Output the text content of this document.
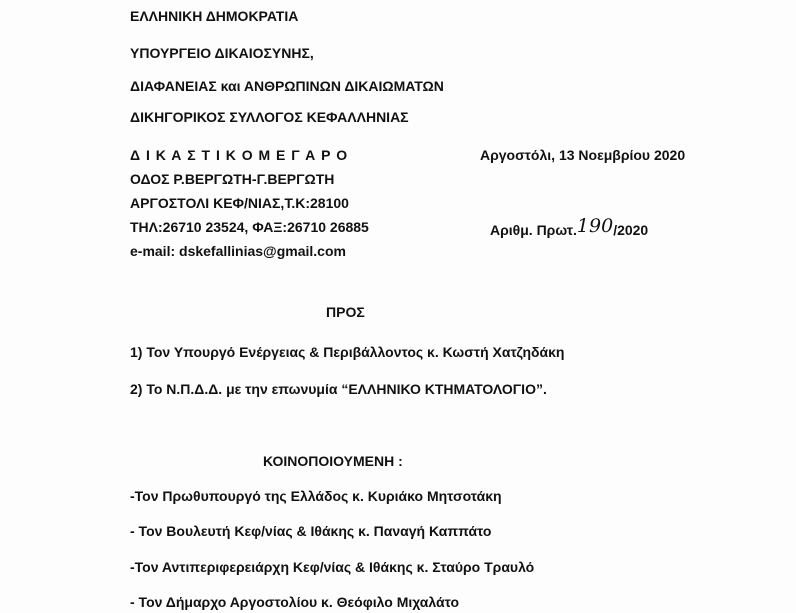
ΕΛΛΗΝΙΚΗ ΔΗΜΟΚΡΑΤΙΑ
ΥΠΟΥΡΓΕΙΟ ΔΙΚΑΙΟΣΥΝΗΣ,
ΔΙΑΦΑΝΕΙΑΣ και ΑΝΘΡΩΠΙΝΩΝ ΔΙΚΑΙΩΜΑΤΩΝ
ΔΙΚΗΓΟΡΙΚΟΣ ΣΥΛΛΟΓΟΣ ΚΕΦΑΛΛΗΝΙΑΣ
Δ Ι Κ Α Σ Τ Ι Κ Ο Μ Ε Γ Α Ρ Ο
ΟΔΟΣ Ρ.ΒΕΡΓΩΤΗ-Γ.ΒΕΡΓΩΤΗ
ΑΡΓΟΣΤΟΛΙ ΚΕΦ/ΝΙΑΣ,Τ.Κ:28100
ΤΗΛ:26710 23524, ΦΑΞ:26710 26885
e-mail: dskefallinias@gmail.com
Αργοστόλι, 13 Νοεμβρίου 2020
Αριθμ. Πρωτ.190/2020
ΠΡΟΣ
1) Τον Υπουργό Ενέργειας & Περιβάλλοντος κ. Κωστή Χατζηδάκη
2) Το Ν.Π.Δ.Δ. με την επωνυμία “ΕΛΛΗΝΙΚΟ ΚΤΗΜΑΤΟΛΟΓΙΟ”.
ΚΟΙΝΟΠΟΙΟΥΜΕΝΗ :
-Τον Πρωθυπουργό της Ελλάδος κ. Κυριάκο Μητσοτάκη
- Τον Βουλευτή Κεφ/νίας & Ιθάκης κ. Παναγή Καππάτο
-Τον Αντιπεριφερειάρχη Κεφ/νίας & Ιθάκης κ. Σταύρο Τραυλό
- Τον Δήμαρχο Αργοστολίου κ. Θεόφιλο Μιχαλάτο
